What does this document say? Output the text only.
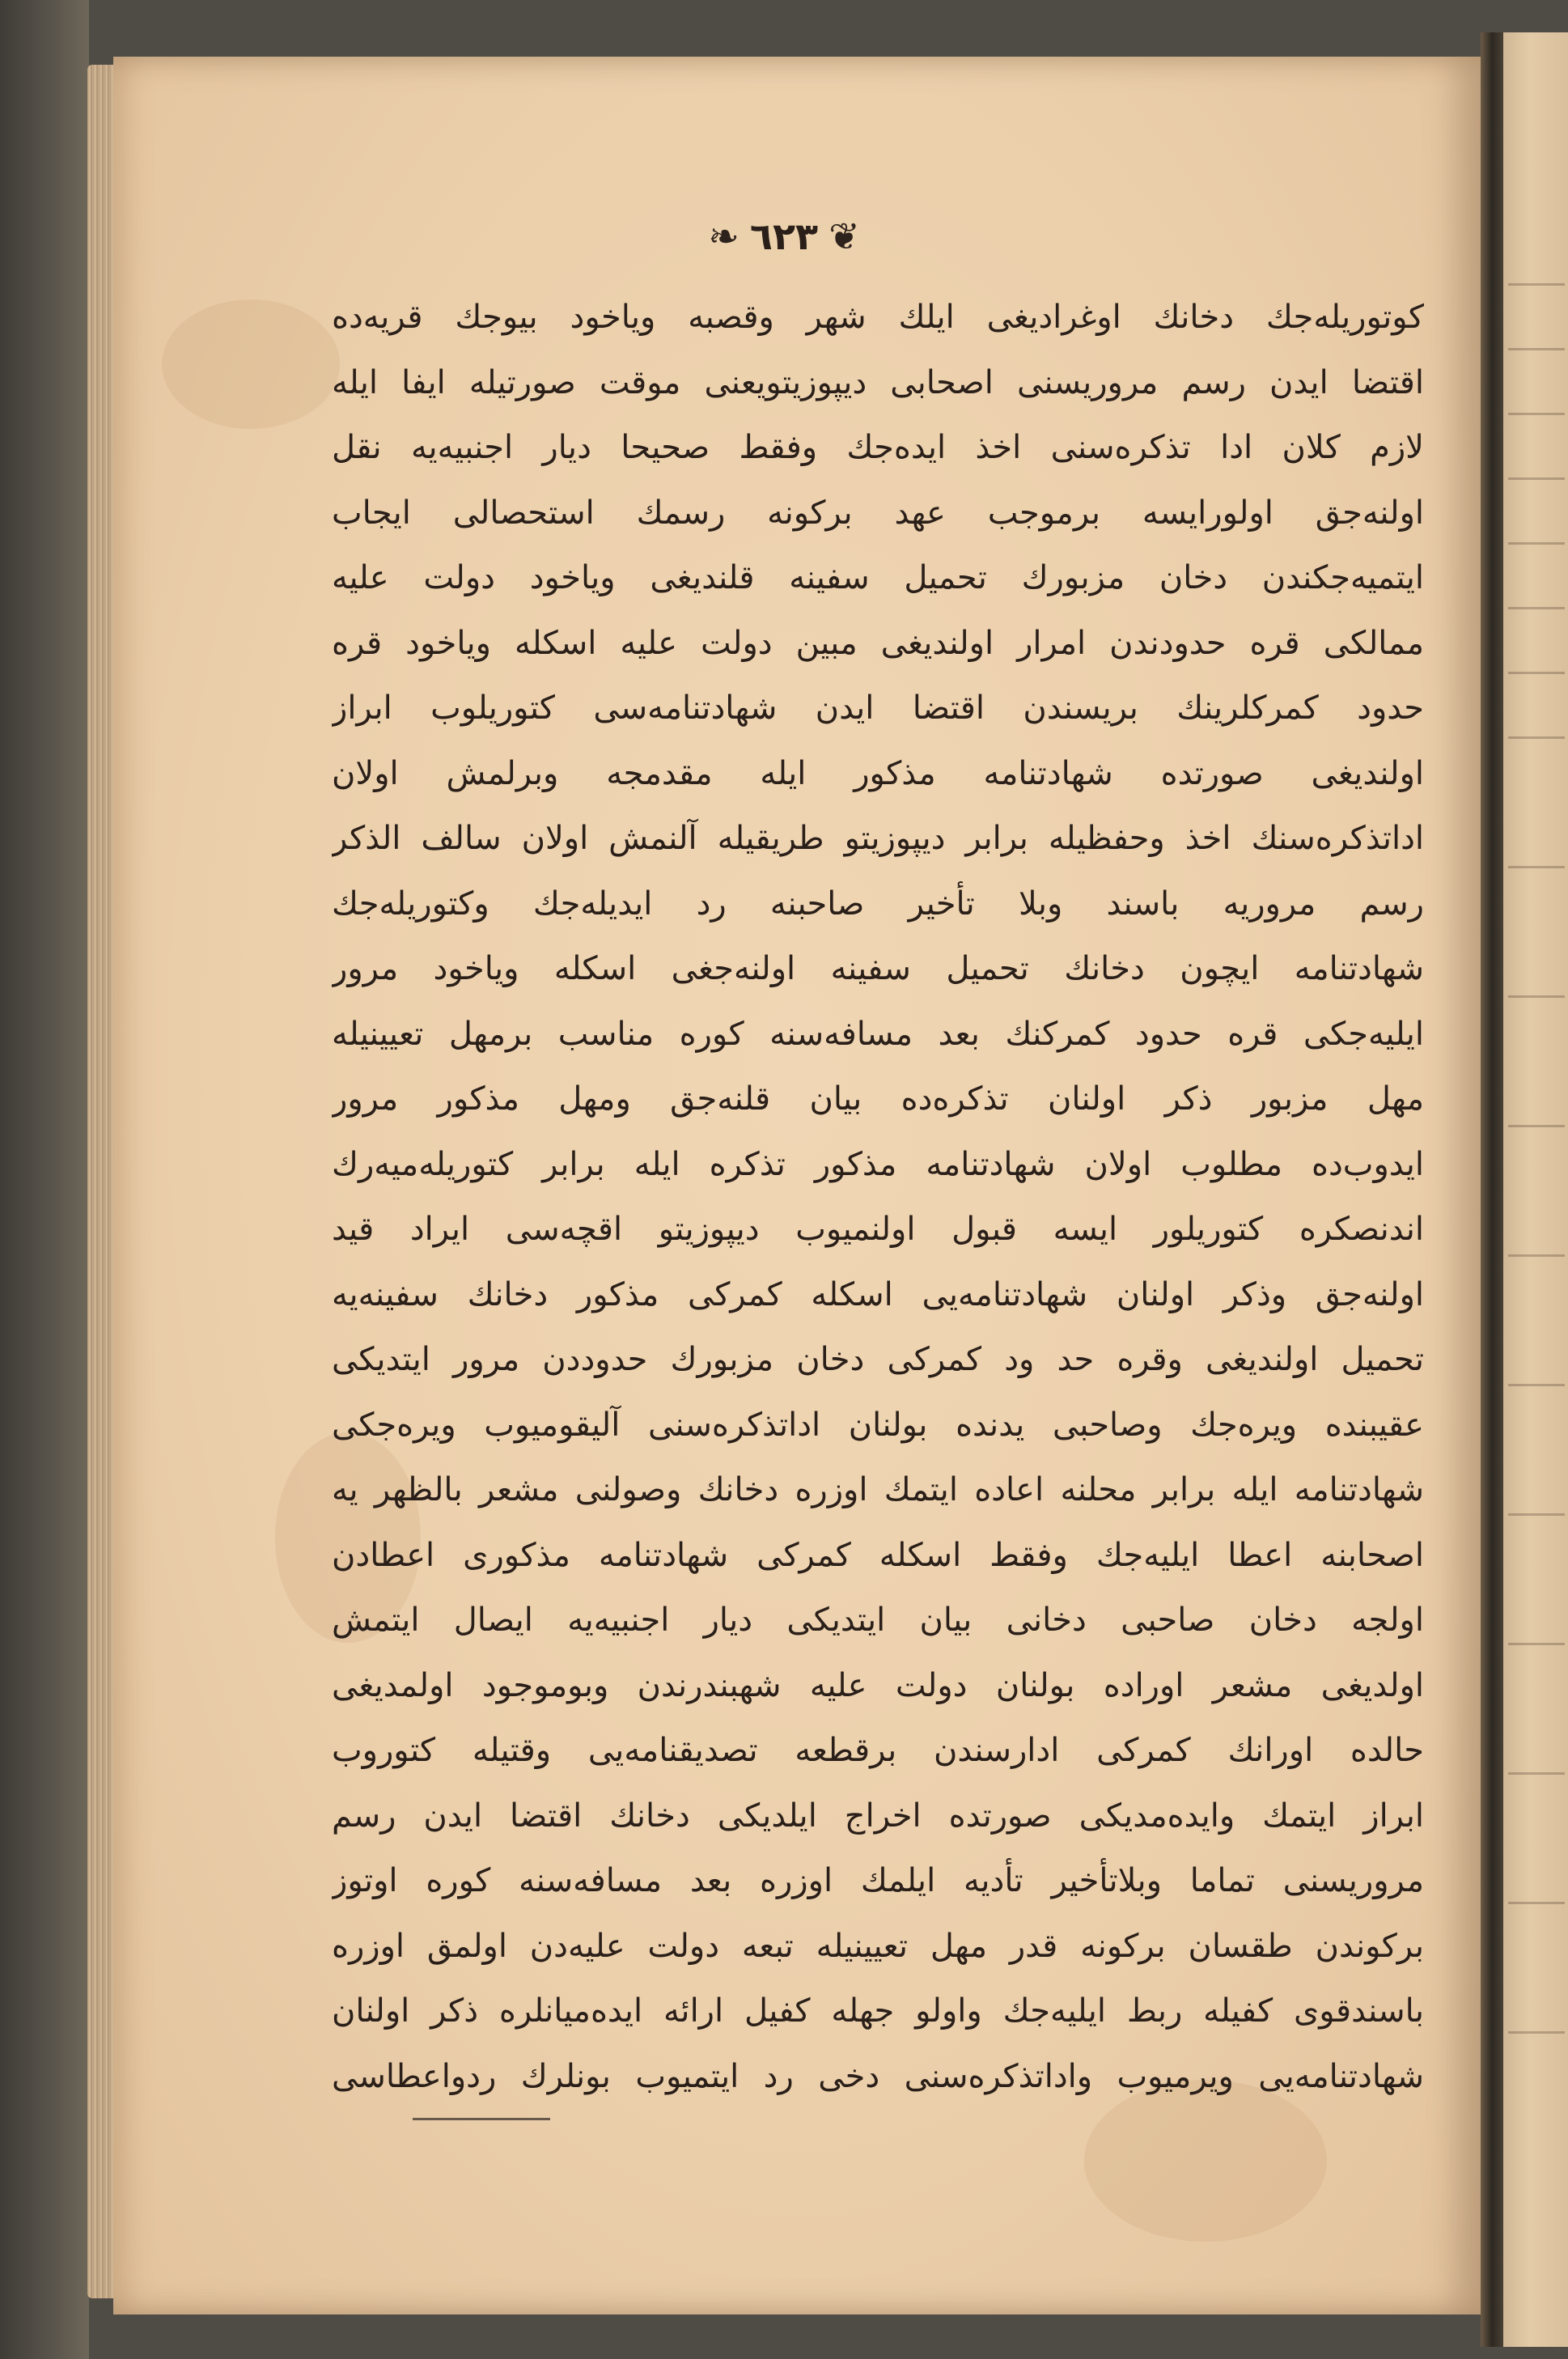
❦ ٦٢٣ ❧
كوتوريله‌جك دخانك اوغراديغى ايلك شهر وقصبه وياخود بيوجك قريه‌ده
اقتضا ايدن رسم مروريسنى اصحابى ديپوزيتويعنى موقت صورتيله ايفا ايله
لازم كلان ادا تذكره‌سنى اخذ ايده‌جك وفقط صحيحا ديار اجنبيه‌يه نقل
اولنه‌جق اولورايسه برموجب عهد بركونه رسمك استحصالى ايجاب
ايتميه‌جكندن دخان مزبورك تحميل سفينه قلنديغى وياخود دولت عليه
ممالكى قره حدودندن امرار اولنديغى مبين دولت عليه اسكله وياخود قره
حدود كمركلرينك بريسندن اقتضا ايدن شهادتنامه‌سى كتوريلوب ابراز
اولنديغى صورتده شهادتنامه مذكور ايله مقدمجه وبرلمش اولان
اداتذكره‌سنك اخذ وحفظيله برابر ديپوزيتو طريقيله آلنمش اولان سالف الذكر
رسم مروريه باسند وبلا تأخير صاحبنه رد ايديله‌جك وكتوريله‌جك
شهادتنامه ايچون دخانك تحميل سفينه اولنه‌جغى اسكله وياخود مرور
ايليه‌جكى قره حدود كمركنك بعد مسافه‌سنه كوره مناسب برمهل تعيينيله
مهل مزبور ذكر اولنان تذكره‌ده بيان قلنه‌جق ومهل مذكور مرور
ايدوب‌ده مطلوب اولان شهادتنامه مذكور تذكره ايله برابر كتوريله‌ميه‌رك
اندنصكره كتوريلور ايسه قبول اولنميوب ديپوزيتو اقچه‌سى ايراد قيد
اولنه‌جق وذكر اولنان شهادتنامه‌يى اسكله كمركى مذكور دخانك سفينه‌يه
تحميل اولنديغى وقره حد ود كمركى دخان مزبورك حدوددن مرور ايتديكى
عقيبنده ويره‌جك وصاحبى يدنده بولنان اداتذكره‌سنى آليقوميوب ويره‌جكى
شهادتنامه ايله برابر محلنه اعاده ايتمك اوزره دخانك وصولنى مشعر بالظهر يه
اصحابنه اعطا ايليه‌جك وفقط اسكله كمركى شهادتنامه مذكورى اعطادن
اولجه دخان صاحبى دخانى بيان ايتديكى ديار اجنبيه‌يه ايصال ايتمش
اولديغى مشعر اوراده بولنان دولت عليه شهبندرندن وبوموجود اولمديغى
حالده اورانك كمركى ادارسندن برقطعه تصديقنامه‌يى وقتيله كتوروب
ابراز ايتمك وايده‌مديكى صورتده اخراج ايلديكى دخانك اقتضا ايدن رسم
مروريسنى تماما وبلاتأخير تأديه ايلمك اوزره بعد مسافه‌سنه كوره اوتوز
بركوندن طقسان بركونه قدر مهل تعيينيله تبعه دولت عليه‌دن اولمق اوزره
باسندقوى كفيله ربط ايليه‌جك واولو جهله كفيل ارائه ايده‌ميانلره ذكر اولنان
شهادتنامه‌يى ويرميوب واداتذكره‌سنى دخى رد ايتميوب بونلرك ردواعطاسى
